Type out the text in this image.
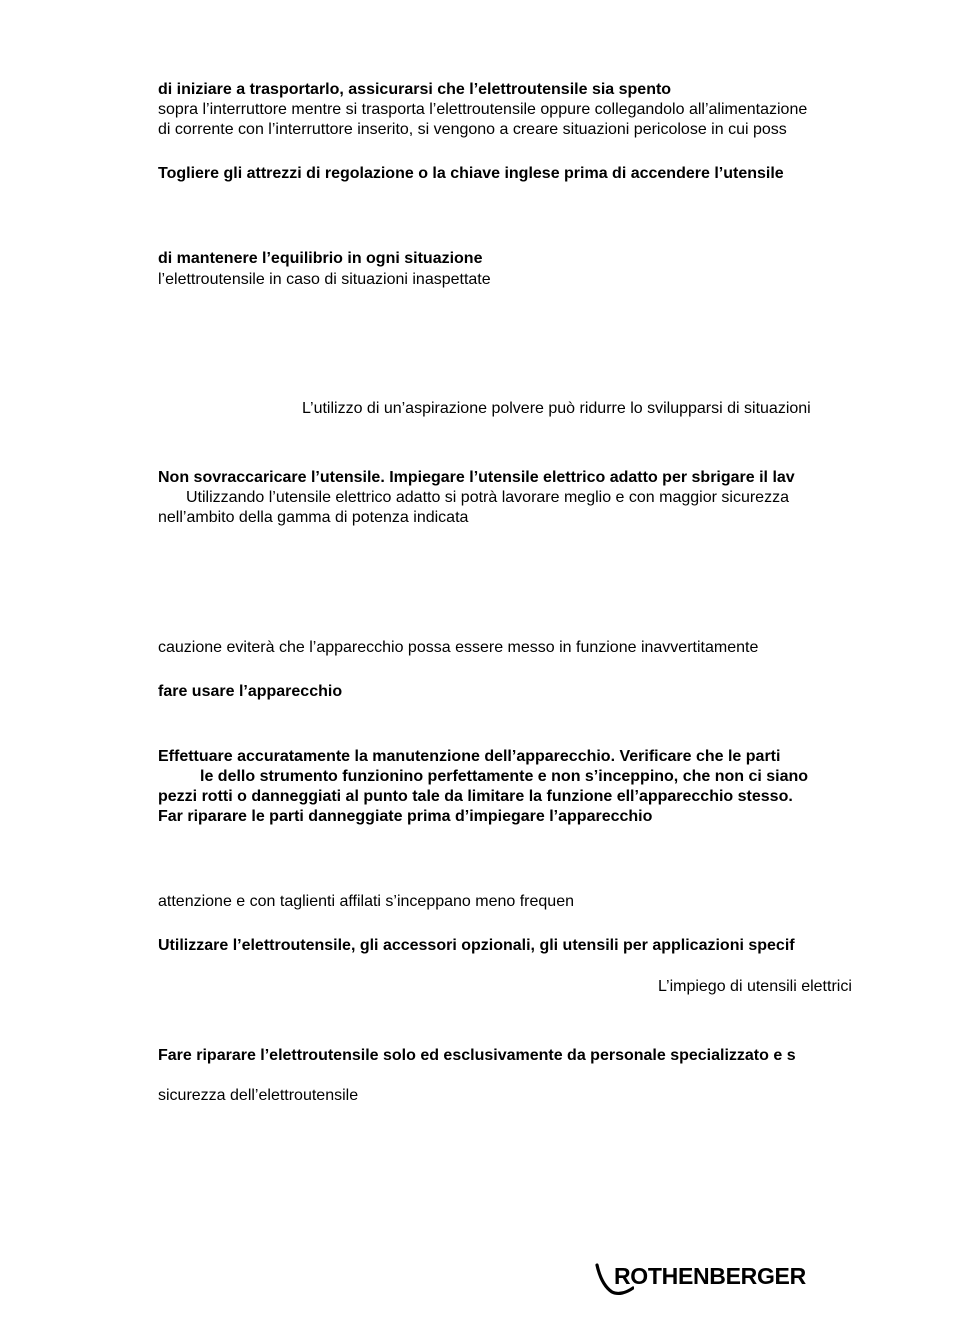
di iniziare a trasportarlo, assicurarsi che l’elettroutensile sia spento
sopra l’interruttore mentre si trasporta l’elettroutensile oppure collegandolo all’alimentazione
di corrente con l’interruttore inserito, si vengono a creare situazioni pericolose in cui poss
Togliere gli attrezzi di regolazione o la chiave inglese prima di accendere l’utensile
di mantenere l’equilibrio in ogni situazione
l’elettroutensile in caso di situazioni inaspettate
L’utilizzo di un’aspirazione polvere può ridurre lo svilupparsi di situazioni
Non sovraccaricare l’utensile. Impiegare l’utensile elettrico adatto per sbrigare il lav
Utilizzando l’utensile elettrico adatto si potrà lavorare meglio e con maggior sicurezza
nell’ambito della gamma di potenza indicata
cauzione eviterà che l’apparecchio possa essere messo in funzione inavvertitamente
fare usare l’apparecchio
Effettuare accuratamente la manutenzione dell’apparecchio. Verificare che le parti
le dello strumento funzionino perfettamente e non s’inceppino, che non ci siano
pezzi rotti o danneggiati al punto tale da limitare la funzione ell’apparecchio stesso.
Far riparare le parti danneggiate prima d’impiegare l’apparecchio
attenzione e con taglienti affilati s’inceppano meno frequen
Utilizzare l’elettroutensile, gli accessori opzionali, gli utensili per applicazioni specif
L’impiego di utensili elettrici
Fare riparare l’elettroutensile solo ed esclusivamente da personale specializzato e s
sicurezza dell’elettroutensile
ROTHENBERGER
